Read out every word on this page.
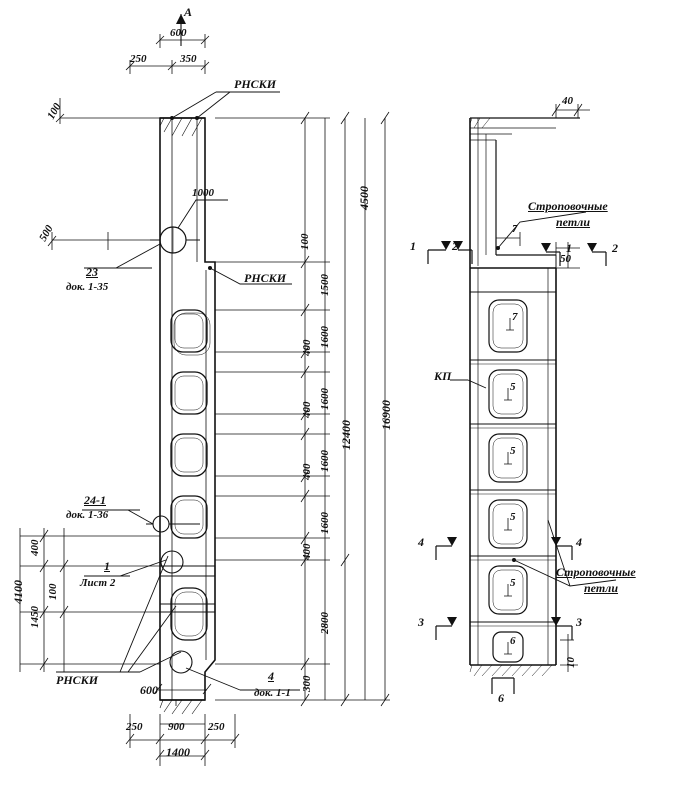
А
600
250	350
100
500
РНСКИ
РНСКИ
1000
23
док. 1-35
24-1
док. 1-36
1
Лист 2
РНСКИ	4
док. 1-1
100
1500
1600
400
1600
400
1600
400
1600
400
2800
300
4500
12400
16900
400
100
1450
4100
600
250 900 250
1400
40
1	2	1	2
4	4
3	3
6
7
50
10
Строповочные
петли
КП
Строповочные
петли
7
5
5
5
5
6
